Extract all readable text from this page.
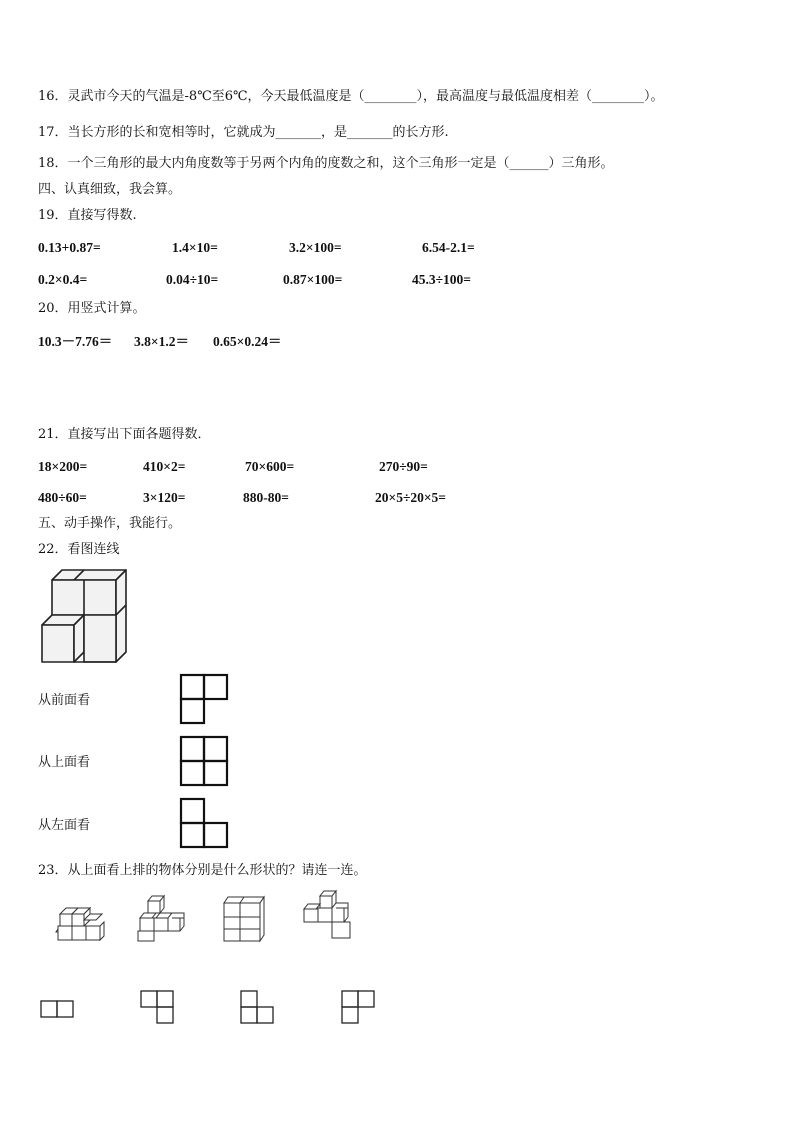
16．灵武市今天的气温是-8℃至6℃，今天最低温度是（________），最高温度与最低温度相差（________）。
17．当长方形的长和宽相等时，它就成为_______，是_______的长方形.
18．一个三角形的最大内角度数等于另两个内角的度数之和，这个三角形一定是（______）三角形。
四、认真细致，我会算。
19．直接写得数.
0.13+0.87=	1.4×10=	3.2×100=	6.54-2.1=
0.2×0.4=	0.04÷10=	0.87×100=	45.3÷100=
20．用竖式计算。
10.3－7.76＝ 3.8×1.2＝ 0.65×0.24＝
21．直接写出下面各题得数．
18×200=	410×2=	70×600=	270÷90=
480÷60=	3×120=	880-80=	20×5÷20×5=
五、动手操作，我能行。
22．看图连线
从前面看
从上面看
从左面看
23．从上面看上排的物体分别是什么形状的？请连一连。
